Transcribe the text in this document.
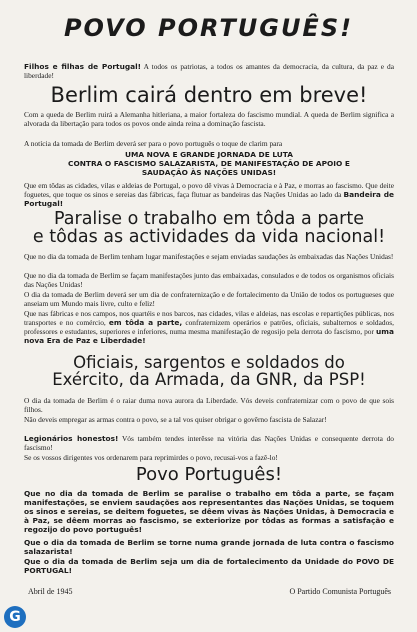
POVO PORTUGUÊS!
Filhos e filhas de Portugal! A todos os patriotas, a todos os amantes da democracia, da cultura, da paz e da liberdade!
Berlim cairá dentro em breve!
Com a queda de Berlim ruirá a Alemanha hitleriana, a maior fortaleza do fascismo mundial. A queda de Berlim significa a alvorada da libertação para todos os povos onde ainda reina a dominação fascista.
A notícia da tomada de Berlim deverá ser para o povo português o toque de clarim para
UMA NOVA E GRANDE JORNADA DE LUTA
CONTRA O FASCISMO SALAZARISTA, DE MANIFESTAÇÃO DE APOIO E
SAUDAÇÃO ÀS NAÇÕES UNIDAS!
Que em tôdas as cidades, vilas e aldeias de Portugal, o povo dê vivas à Democracia e à Paz, e morras ao fascismo. Que deite foguetes, que toque os sinos e sereias das fábricas, faça flutuar as bandeiras das Nações Unidas ao lado da Bandeira de Portugal!
Paralise o trabalho em tôda a parte
e tôdas as actividades da vida nacional!
Que no dia da tomada de Berlim tenham lugar manifestações e sejam enviadas saudações às embaixadas das Nações Unidas!
Que no dia da tomada de Berlim se façam manifestações junto das embaixadas, consulados e de todos os organismos oficiais das Nações Unidas!
O dia da tomada de Berlim deverá ser um dia de confraternização e de fortalecimento da União de todos os portugueses que anseiam um Mundo mais livre, culto e feliz!
Que nas fábricas e nos campos, nos quartéis e nos barcos, nas cidades, vilas e aldeias, nas escolas e repartições públicas, nos transportes e no comércio, em tôda a parte, confraternizem operários e patrões, oficiais, subalternos e soldados, professores e estudantes, superiores e inferiores, numa mesma manifestação de regosijo pela derrota do fascismo, por uma nova Era de Paz e Liberdade!
Oficiais, sargentos e soldados do
Exército, da Armada, da GNR, da PSP!
O dia da tomada de Berlim é o raiar duma nova aurora da Liberdade. Vós deveis confraternizar com o povo de que sois filhos.
Não deveis empregar as armas contra o povo, se a tal vos quiser obrigar o govêrno fascista de Salazar!
Legionários honestos! Vós também tendes interêsse na vitória das Nações Unidas e consequente derrota do fascismo!
Se os vossos dirigentes vos ordenarem para reprimirdes o povo, recusai-vos a fazê-lo!
Povo Português!
Que no dia da tomada de Berlim se paralise o trabalho em tôda a parte, se façam manifestações, se enviem saudações aos representantes das Nações Unidas, se toquem os sinos e sereias, se deitem foguetes, se dêem vivas às Nações Unidas, à Democracia e à Paz, se dêem morras ao fascismo, se exteriorize por tôdas as formas a satisfação e regozijo do povo português!
Que o dia da tomada de Berlim se torne numa grande jornada de luta contra o fascismo salazarista!
Que o dia da tomada de Berlim seja um dia de fortalecimento da Unidade do POVO DE PORTUGAL!
Abril de 1945	O Partido Comunista Português
G
